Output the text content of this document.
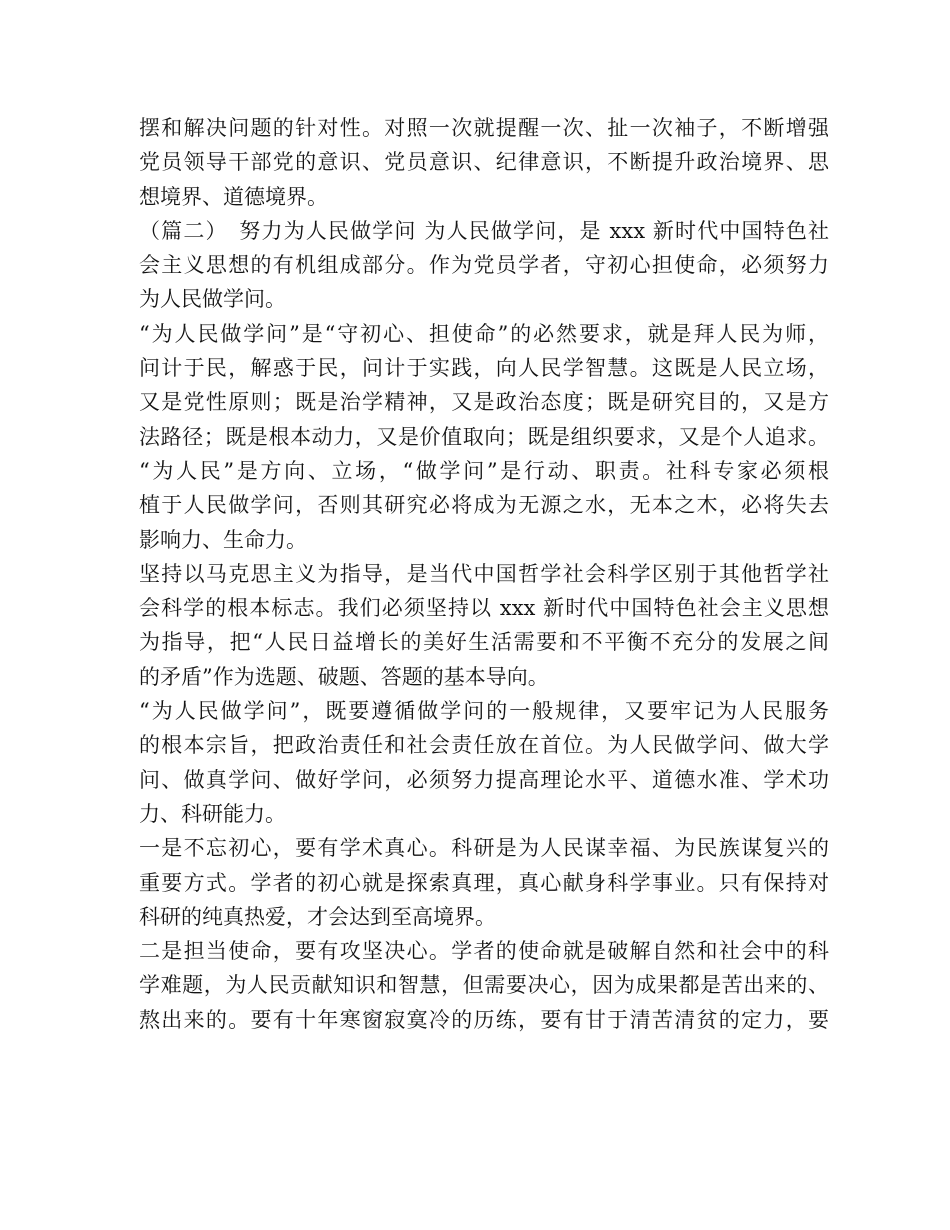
摆和解决问题的针对性。对照一次就提醒一次、扯一次袖子，不断增强
党员领导干部党的意识、党员意识、纪律意识，不断提升政治境界、思
想境界、道德境界。
（篇二）　努力为人民做学问 为人民做学问，是 xxx 新时代中国特色社
会主义思想的有机组成部分。作为党员学者，守初心担使命，必须努力
为人民做学问。
“为人民做学问”是“守初心、担使命”的必然要求，就是拜人民为师，
问计于民，解惑于民，问计于实践，向人民学智慧。这既是人民立场，
又是党性原则；既是治学精神，又是政治态度；既是研究目的，又是方
法路径；既是根本动力，又是价值取向；既是组织要求，又是个人追求。
“为人民”是方向、立场，“做学问”是行动、职责。社科专家必须根
植于人民做学问，否则其研究必将成为无源之水，无本之木，必将失去
影响力、生命力。
坚持以马克思主义为指导，是当代中国哲学社会科学区别于其他哲学社
会科学的根本标志。我们必须坚持以 xxx 新时代中国特色社会主义思想
为指导，把“人民日益增长的美好生活需要和不平衡不充分的发展之间
的矛盾”作为选题、破题、答题的基本导向。
“为人民做学问”，既要遵循做学问的一般规律，又要牢记为人民服务
的根本宗旨，把政治责任和社会责任放在首位。为人民做学问、做大学
问、做真学问、做好学问，必须努力提高理论水平、道德水准、学术功
力、科研能力。
一是不忘初心，要有学术真心。科研是为人民谋幸福、为民族谋复兴的
重要方式。学者的初心就是探索真理，真心献身科学事业。只有保持对
科研的纯真热爱，才会达到至高境界。
二是担当使命，要有攻坚决心。学者的使命就是破解自然和社会中的科
学难题，为人民贡献知识和智慧，但需要决心，因为成果都是苦出来的、
熬出来的。要有十年寒窗寂寞冷的历练，要有甘于清苦清贫的定力，要
